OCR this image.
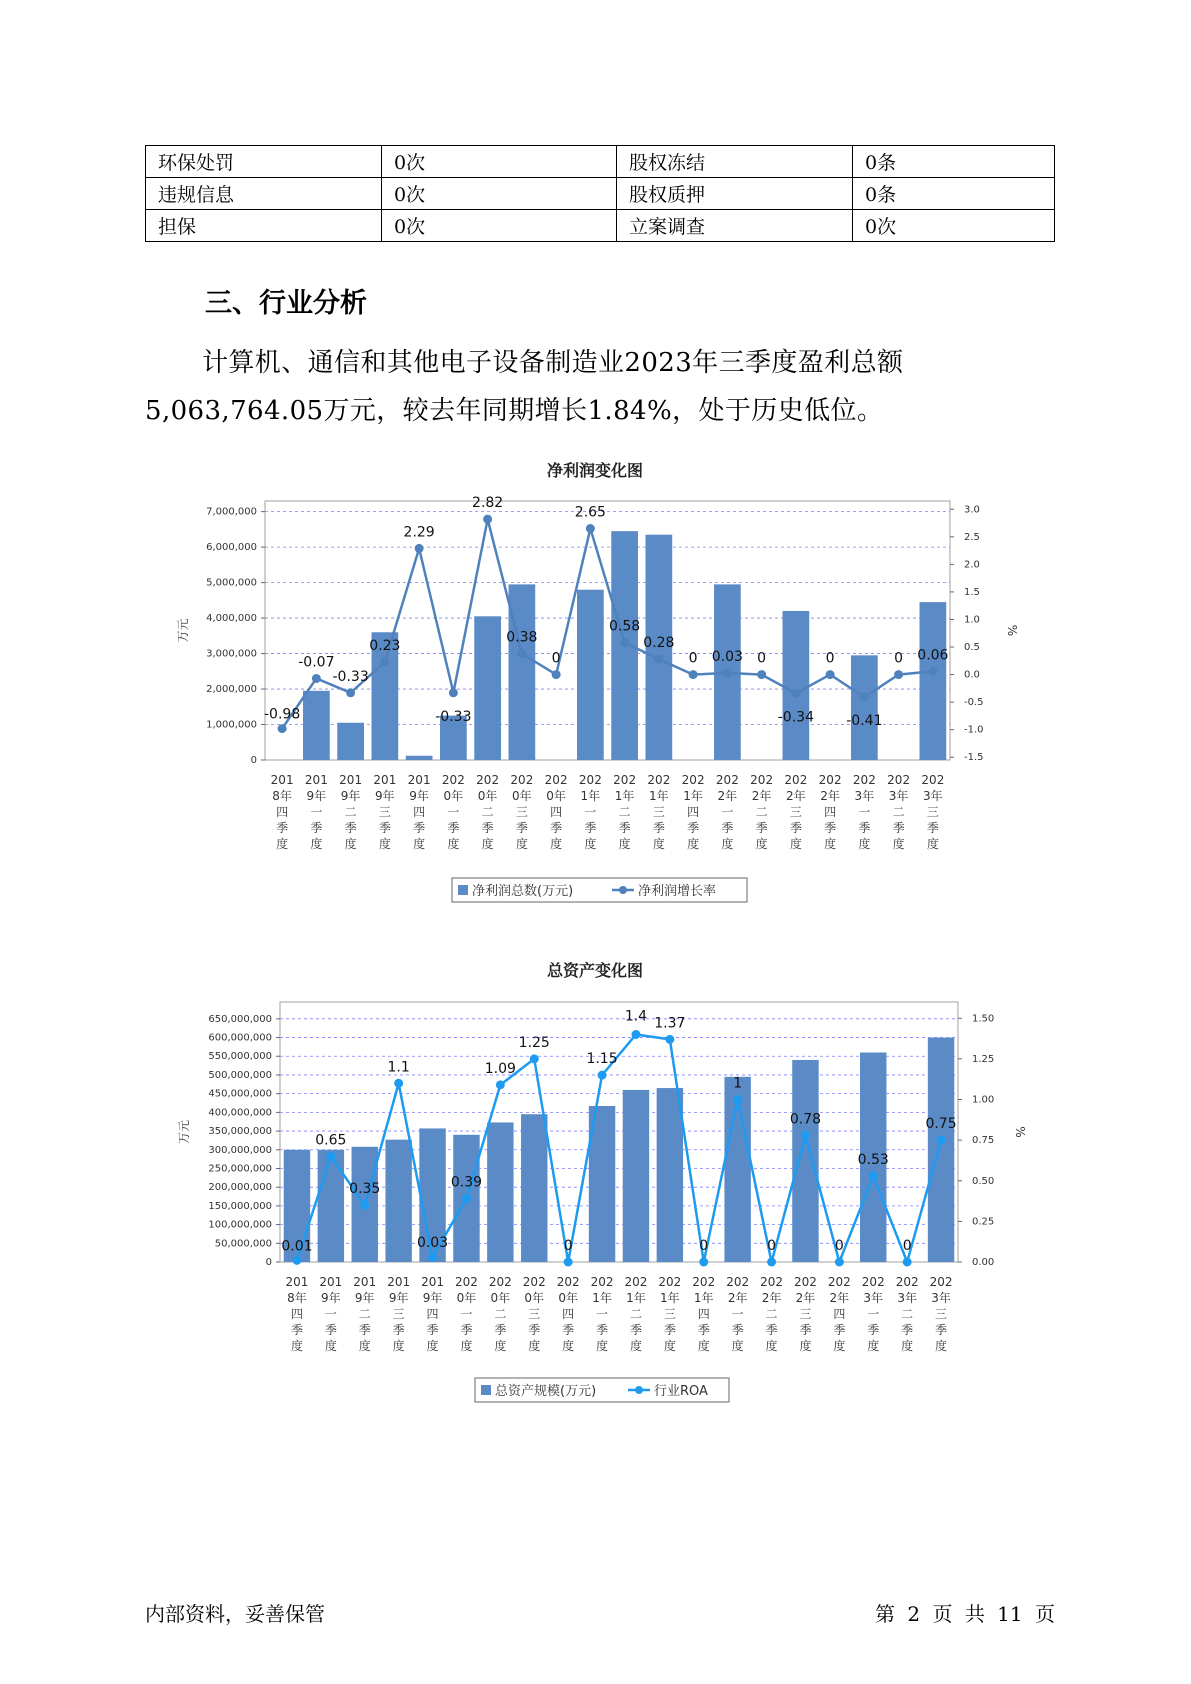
环保处罚	0次	股权冻结	0条
违规信息	0次	股权质押	0条
担保	0次	立案调查	0次
三、行业分析
计算机、通信和其他电子设备制造业2023年三季度盈利总额
5,063,764.05万元，较去年同期增长1.84%，处于历史低位。
净利润变化图
0
1,000,000
2,000,000
3,000,000
4,000,000
5,000,000
6,000,000
7,000,000
-1.5
-1.0
-0.5
0.0
0.5
1.0
1.5
2.0
2.5
3.0
万元	%
201
8年
四
季
度
201
9年
一
季
度
201
9年
二
季
度
201
9年
三
季
度
201
9年
四
季
度
202
0年
一
季
度
202
0年
二
季
度
202
0年
三
季
度
202
0年
四
季
度
202
1年
一
季
度
202
1年
二
季
度
202
1年
三
季
度
202
1年
四
季
度
202
2年
一
季
度
202
2年
二
季
度
202
2年
三
季
度
202
2年
四
季
度
202
3年
一
季
度
202
3年
二
季
度
202
3年
三
季
度
-0.98
-0.07
-0.33
0.23
2.29
-0.33
2.82
0.38
0
2.65
0.58
0.28
0 0.03 0
-0.34
0
-0.41
0 0.06
净利润总数(万元)	净利润增长率
总资产变化图
0
50,000,000
100,000,000
150,000,000
200,000,000
250,000,000
300,000,000
350,000,000
400,000,000
450,000,000
500,000,000
550,000,000
600,000,000
650,000,000
0.00
0.25
0.50
0.75
1.00
1.25
1.50
万元	%
201
8年
四
季
度
201
9年
一
季
度
201
9年
二
季
度
201
9年
三
季
度
201
9年
四
季
度
202
0年
一
季
度
202
0年
二
季
度
202
0年
三
季
度
202
0年
四
季
度
202
1年
一
季
度
202
1年
二
季
度
202
1年
三
季
度
202
1年
四
季
度
202
2年
一
季
度
202
2年
二
季
度
202
2年
三
季
度
202
2年
四
季
度
202
3年
一
季
度
202
3年
二
季
度
202
3年
三
季
度
0.01
0.65
0.35
1.1
0.03
0.39
1.09
1.25
0
1.15
1.4 1.37
0
1
0
0.78
0
0.53
0
0.75
总资产规模(万元)	行业ROA
内部资料，妥善保管	第 2 页 共 11 页
